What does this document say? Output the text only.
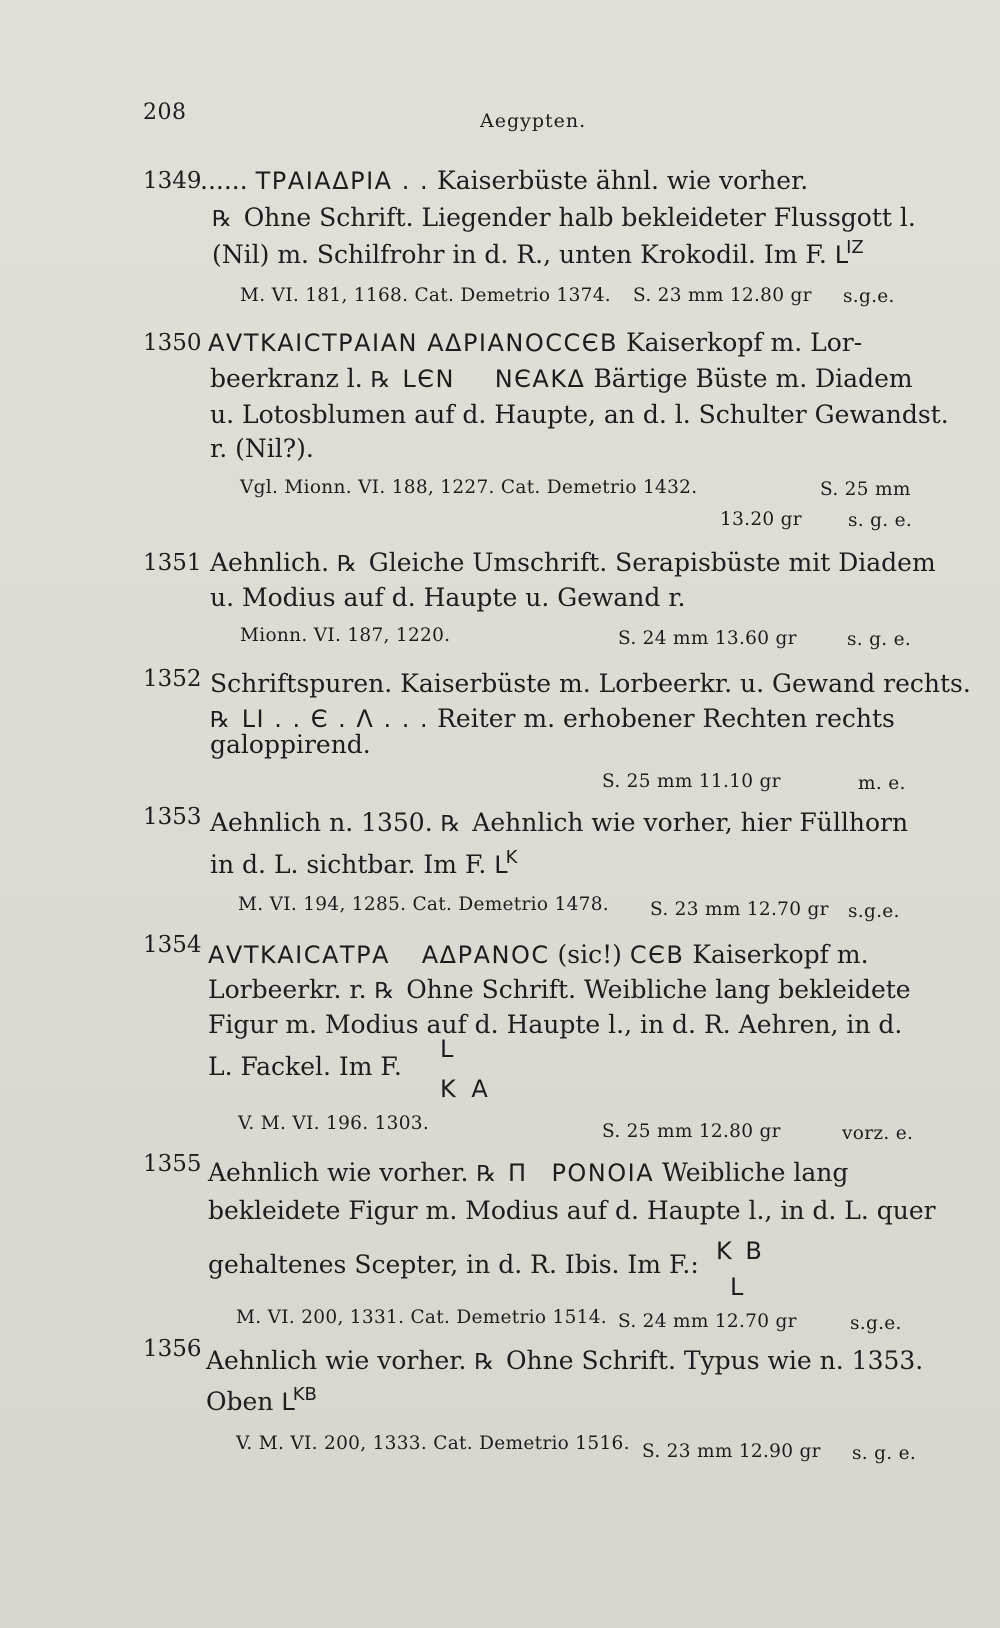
208	Aegypten.
1349
...... ΤΡΑΙΑΔΡΙΑ . . Kaiserbüste ähnl. wie vorher.
℞ Ohne Schrift. Liegender halb bekleideter Flussgott l.
(Nil) m. Schilfrohr in d. R., unten Krokodil. Im F. $L^{IZ}$
M. VI. 181, 1168. Cat. Demetrio 1374. S. 23 mm 12.80 gr s.g.e.
1350 ΑVΤΚΑΙCΤΡΑΙΑΝ ΑΔΡΙΑΝΟCCЄΒ Kaiserkopf m. Lor-
beerkranz l. ℞ LЄΝ ΝЄΑΚΔ Bärtige Büste m. Diadem
u. Lotosblumen auf d. Haupte, an d. l. Schulter Gewandst.
r. (Nil?).
Vgl. Mionn. VI. 188, 1227. Cat. Demetrio 1432.	S. 25 mm
13.20 gr s. g. e.
1351 Aehnlich. ℞ Gleiche Umschrift. Serapisbüste mit Diadem
u. Modius auf d. Haupte u. Gewand r.
Mionn. VI. 187, 1220.	S. 24 mm 13.60 gr	s. g. e.
1352 Schriftspuren. Kaiserbüste m. Lorbeerkr. u. Gewand rechts.
℞ LΙ . . Є . Λ . . . Reiter m. erhobener Rechten rechts
galoppirend.
S. 25 mm 11.10 gr	m. e.
1353 Aehnlich n. 1350. ℞ Aehnlich wie vorher, hier Füllhorn
in d. L. sichtbar. Im F. $L^K$
M. VI. 194, 1285. Cat. Demetrio 1478. S. 23 mm 12.70 gr s.g.e.
1354 ΑVΤΚΑΙCΑΤΡΑ ΑΔΡΑΝΟC (sic!) CЄΒ Kaiserkopf m.
Lorbeerkr. r. ℞ Ohne Schrift. Weibliche lang bekleidete
Figur m. Modius auf d. Haupte l., in d. R. Aehren, in d.
L. Fackel. Im F.
L
Κ Α
V. M. VI. 196. 1303.	S. 25 mm 12.80 gr	vorz. e.
1355 Aehnlich wie vorher. ℞ Π ΡΟΝΟΙΑ Weibliche lang
bekleidete Figur m. Modius auf d. Haupte l., in d. L. quer
gehaltenes Scepter, in d. R. Ibis. Im F.: Κ Β
L
M. VI. 200, 1331. Cat. Demetrio 1514. S. 24 mm 12.70 gr	s.g.e.
1356 Aehnlich wie vorher. ℞ Ohne Schrift. Typus wie n. 1353.
Oben $L^{KB}$
V. M. VI. 200, 1333. Cat. Demetrio 1516. S. 23 mm 12.90 gr s. g. e.
